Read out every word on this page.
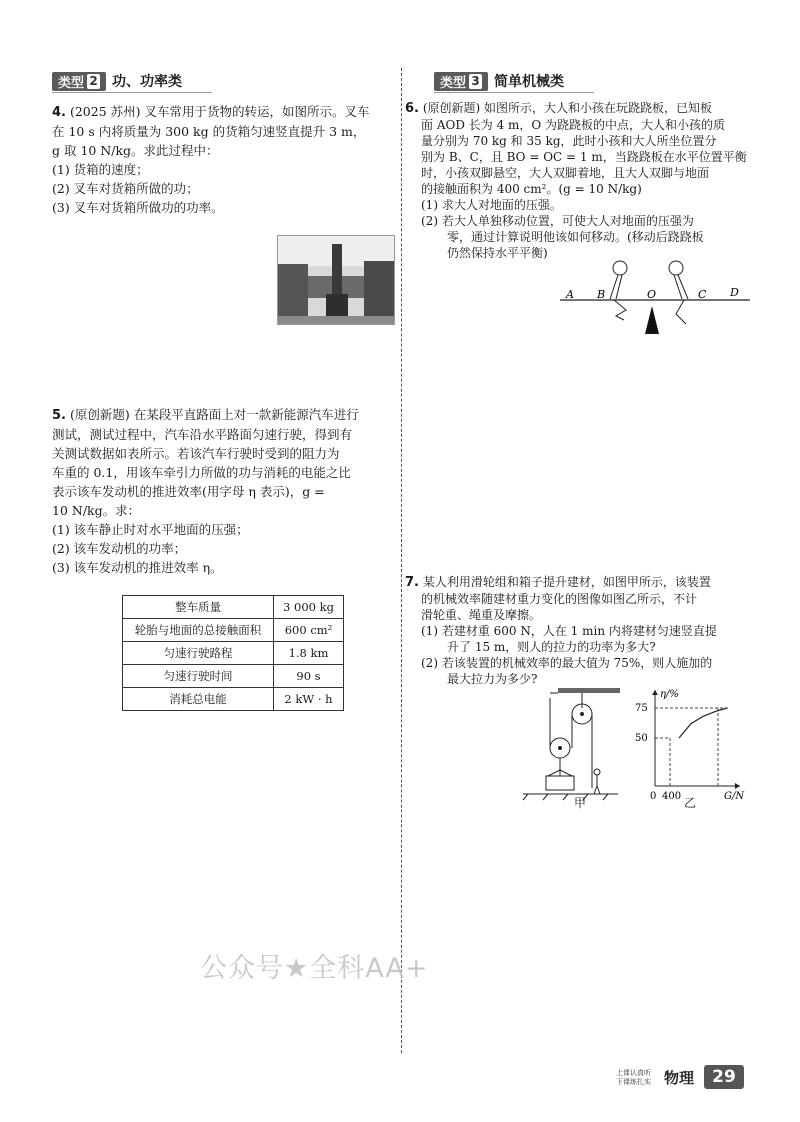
类型 2 功、功率类

4. (2025 苏州) 叉车常用于货物的转运，如图所示。叉车

在 10 s 内将质量为 300 kg 的货箱匀速竖直提升 3 m，

g 取 10 N/kg。求此过程中：

(1) 货箱的速度；

(2) 叉车对货箱所做的功；

(3) 叉车对货箱所做功的功率。

5. (原创新题) 在某段平直路面上对一款新能源汽车进行

测试，测试过程中，汽车沿水平路面匀速行驶，得到有

关测试数据如表所示。若该汽车行驶时受到的阻力为

车重的 0.1，用该车牵引力所做的功与消耗的电能之比

表示该车发动机的推进效率(用字母 η 表示)，g =

10 N/kg。求：

(1) 该车静止时对水平地面的压强；

(2) 该车发动机的功率；

(3) 该车发动机的推进效率 η。

整车质量	3 000 kg
轮胎与地面的总接触面积	600 cm²
匀速行驶路程	1.8 km
匀速行驶时间	90 s
消耗总电能	2 kW · h
类型 3 简单机械类

6. (原创新题) 如图所示，大人和小孩在玩跷跷板，已知板

面 AOD 长为 4 m，O 为跷跷板的中点，大人和小孩的质

量分别为 70 kg 和 35 kg，此时小孩和大人所坐位置分

别为 B、C，且 BO = OC = 1 m，当跷跷板在水平位置平衡

时，小孩双脚悬空，大人双脚着地，且大人双脚与地面

的接触面积为 400 cm²。(g = 10 N/kg)

(1) 求大人对地面的压强。

(2) 若大人单独移动位置，可使大人对地面的压强为

零，通过计算说明他该如何移动。(移动后跷跷板

仍然保持水平平衡)

A B	O	C D

7. 某人利用滑轮组和箱子提升建材，如图甲所示，该装置

的机械效率随建材重力变化的图像如图乙所示，不计

滑轮重、绳重及摩擦。

(1) 若建材重 600 N，人在 1 min 内将建材匀速竖直提

升了 15 m，则人的拉力的功率为多大?

(2) 若该装置的机械效率的最大值为 75%，则人施加的

最大拉力为多少?

甲
η/%
G/N
0 400
50
75
乙
公众号★全科AA+
上课认真听
下课练扎实 物理	29
